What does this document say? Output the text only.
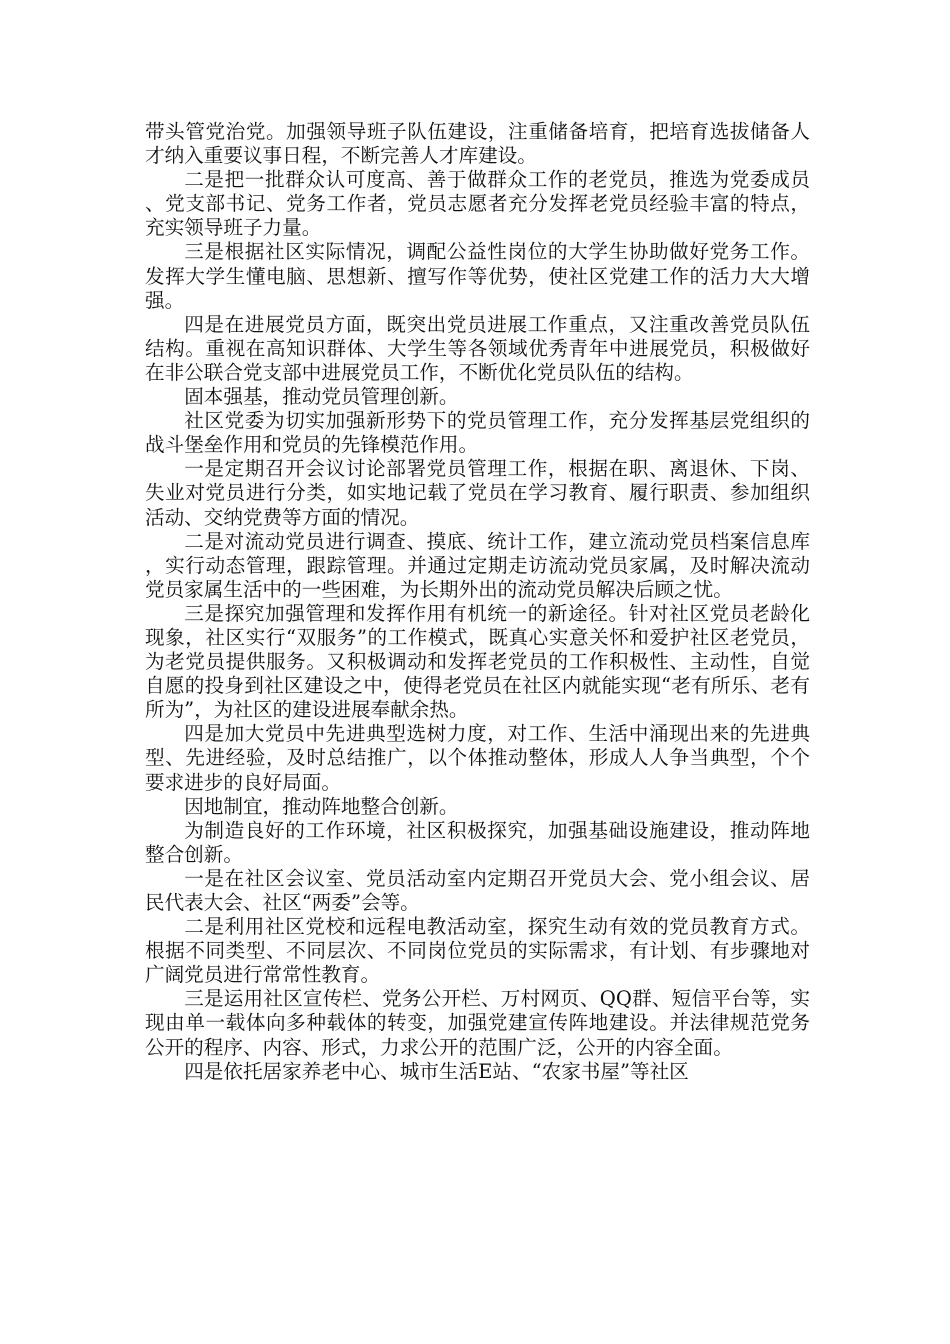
带头管党治党。加强领导班子队伍建设，注重储备培育，把培育选拔储备人才纳入重要议事日程，不断完善人才库建设。

二是把一批群众认可度高、善于做群众工作的老党员，推选为党委成员、党支部书记、党务工作者，党员志愿者充分发挥老党员经验丰富的特点，充实领导班子力量。

三是根据社区实际情况，调配公益性岗位的大学生协助做好党务工作。发挥大学生懂电脑、思想新、擅写作等优势，使社区党建工作的活力大大增强。

四是在进展党员方面，既突出党员进展工作重点，又注重改善党员队伍结构。重视在高知识群体、大学生等各领域优秀青年中进展党员，积极做好在非公联合党支部中进展党员工作，不断优化党员队伍的结构。

固本强基，推动党员管理创新。

社区党委为切实加强新形势下的党员管理工作，充分发挥基层党组织的战斗堡垒作用和党员的先锋模范作用。

一是定期召开会议讨论部署党员管理工作，根据在职、离退休、下岗、失业对党员进行分类，如实地记载了党员在学习教育、履行职责、参加组织活动、交纳党费等方面的情况。

二是对流动党员进行调查、摸底、统计工作，建立流动党员档案信息库，实行动态管理，跟踪管理。并通过定期走访流动党员家属，及时解决流动党员家属生活中的一些困难，为长期外出的流动党员解决后顾之忧。

三是探究加强管理和发挥作用有机统一的新途径。针对社区党员老龄化现象，社区实行“双服务”的工作模式，既真心实意关怀和爱护社区老党员，为老党员提供服务。又积极调动和发挥老党员的工作积极性、主动性，自觉自愿的投身到社区建设之中，使得老党员在社区内就能实现“老有所乐、老有所为”，为社区的建设进展奉献余热。

四是加大党员中先进典型选树力度，对工作、生活中涌现出来的先进典型、先进经验，及时总结推广，以个体推动整体，形成人人争当典型，个个要求进步的良好局面。

因地制宜，推动阵地整合创新。

为制造良好的工作环境，社区积极探究，加强基础设施建设，推动阵地整合创新。

一是在社区会议室、党员活动室内定期召开党员大会、党小组会议、居民代表大会、社区“两委”会等。

二是利用社区党校和远程电教活动室，探究生动有效的党员教育方式。根据不同类型、不同层次、不同岗位党员的实际需求，有计划、有步骤地对广阔党员进行常常性教育。

三是运用社区宣传栏、党务公开栏、万村网页、QQ群、短信平台等，实现由单一载体向多种载体的转变，加强党建宣传阵地建设。并法律规范党务公开的程序、内容、形式，力求公开的范围广泛，公开的内容全面。

四是依托居家养老中心、城市生活E站、“农家书屋”等社区
